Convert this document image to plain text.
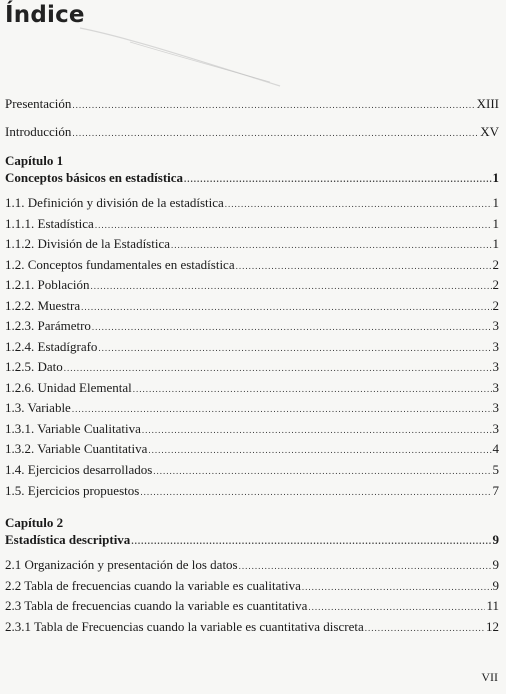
Índice
Presentación .....	XIII
Introducción .....	XV
Capítulo 1
Conceptos básicos en estadística .....	1
1.1. Definición y división de la estadística .....	1
1.1.1. Estadística .....	1
1.1.2. División de la Estadística .....	1
1.2. Conceptos fundamentales en estadística .....	2
1.2.1. Población .....	2
1.2.2. Muestra .....	2
1.2.3. Parámetro .....	3
1.2.4. Estadígrafo .....	3
1.2.5. Dato .....	3
1.2.6. Unidad Elemental .....	3
1.3. Variable .....	3
1.3.1. Variable Cualitativa .....	3
1.3.2. Variable Cuantitativa .....	4
1.4. Ejercicios desarrollados .....	5
1.5. Ejercicios propuestos .....	7
Capítulo 2
Estadística descriptiva .....	9
2.1 Organización y presentación de los datos .....	9
2.2 Tabla de frecuencias cuando la variable es cualitativa .....	9
2.3 Tabla de frecuencias cuando la variable es cuantitativa .....	11
2.3.1 Tabla de Frecuencias cuando la variable es cuantitativa discreta .....	12
VII
